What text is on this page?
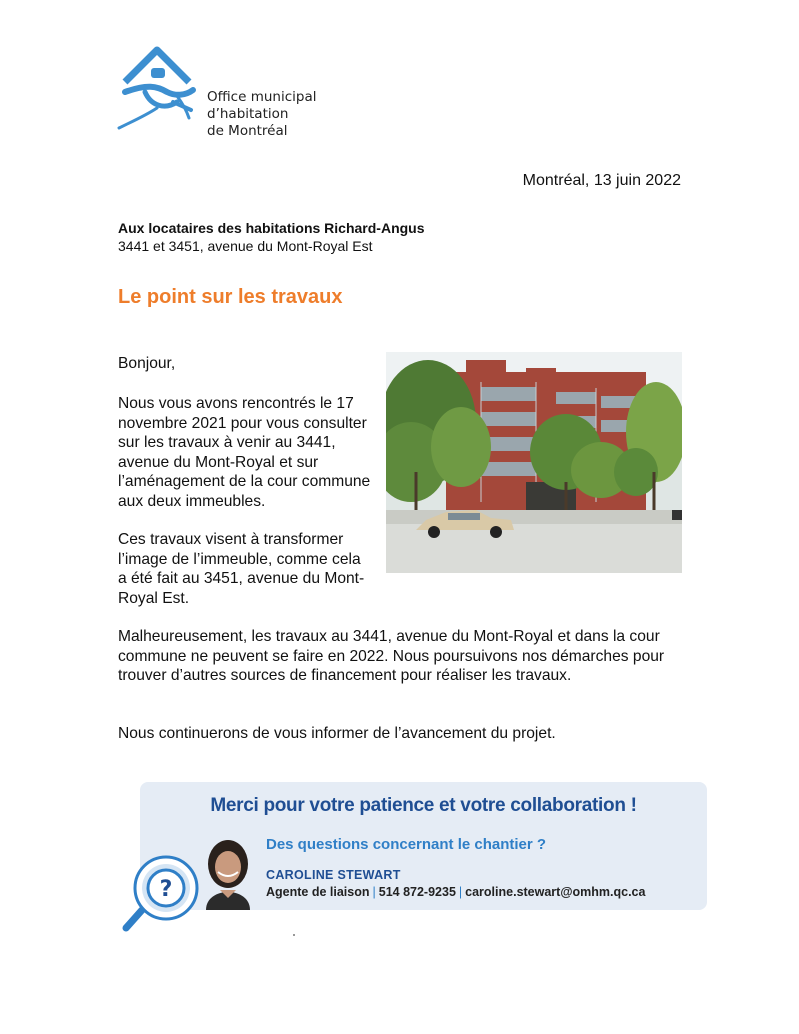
Office municipal
d’habitation
de Montréal
Montréal, 13 juin 2022
Aux locataires des habitations Richard-Angus
3441 et 3451, avenue du Mont-Royal Est
Le point sur les travaux

Bonjour,

Nous vous avons rencontrés le 17 novembre 2021 pour vous consulter sur les travaux à venir au 3441, avenue du Mont-Royal et sur l’aménagement de la cour commune aux deux immeubles.

Ces travaux visent à transformer l’image de l’immeuble, comme cela a été fait au 3451, avenue du Mont-Royal Est.

Malheureusement, les travaux au 3441, avenue du Mont-Royal et dans la cour commune ne peuvent se faire en 2022. Nous poursuivons nos démarches pour trouver d’autres sources de financement pour réaliser les travaux.

Nous continuerons de vous informer de l’avancement du projet.

Merci pour votre patience et votre collaboration !
Des questions concernant le chantier ?
CAROLINE STEWART
Agente de liaison | 514 872-9235 | caroline.stewart@omhm.qc.ca
?
